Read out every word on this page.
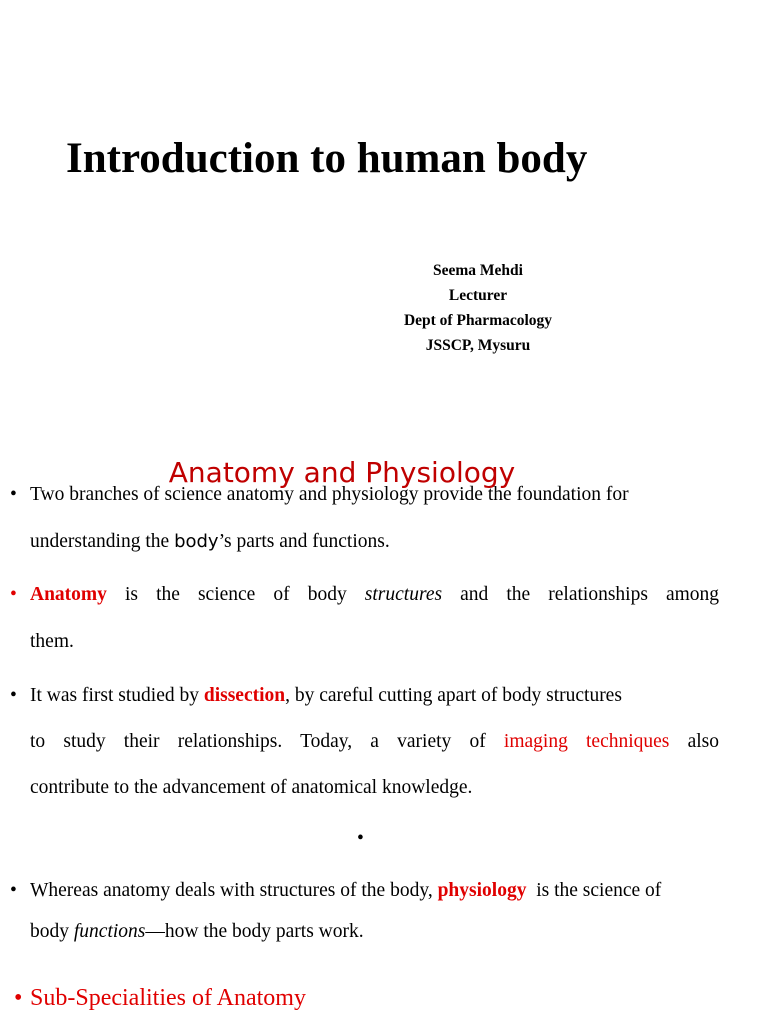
Introduction to human body
Seema Mehdi
Lecturer
Dept of Pharmacology
JSSCP, Mysuru
Anatomy and Physiology
• Two branches of science anatomy and physiology provide the foundation for
understanding the body’s parts and functions.
• Anatomy is the science of body structures and the relationships among
them.
• It was first studied by dissection, by careful cutting apart of body structures
to study their relationships. Today, a variety of imaging techniques also
contribute to the advancement of anatomical knowledge.
•
• Whereas anatomy deals with structures of the body, physiology  is the science of
body functions—how the body parts work.
• Sub-Specialities of Anatomy
